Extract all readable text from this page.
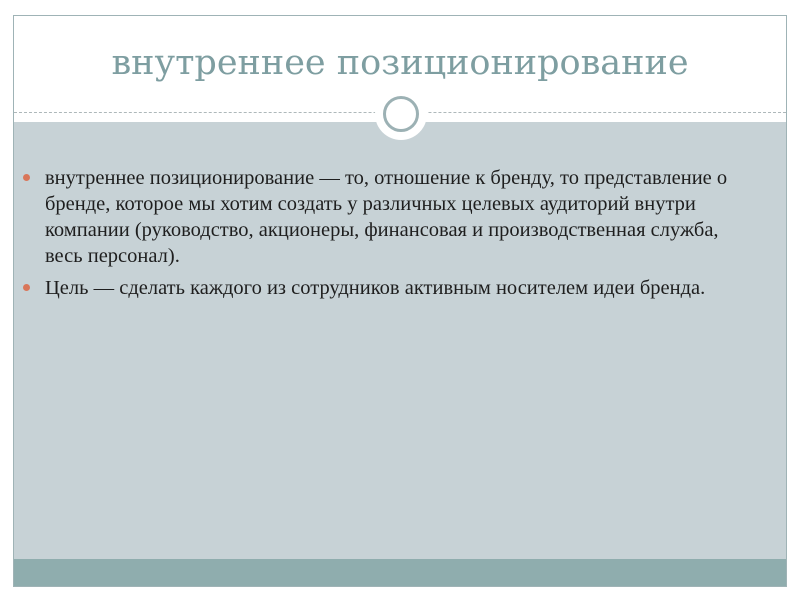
внутреннее позиционирование
внутреннее позиционирование — то, отношение к бренду, то представление о бренде, которое мы хотим создать у различных целевых аудиторий внутри компании (руководство, акционеры, финансовая и производственная служба, весь персонал).
Цель — сделать каждого из сотрудников активным носителем идеи бренда.
